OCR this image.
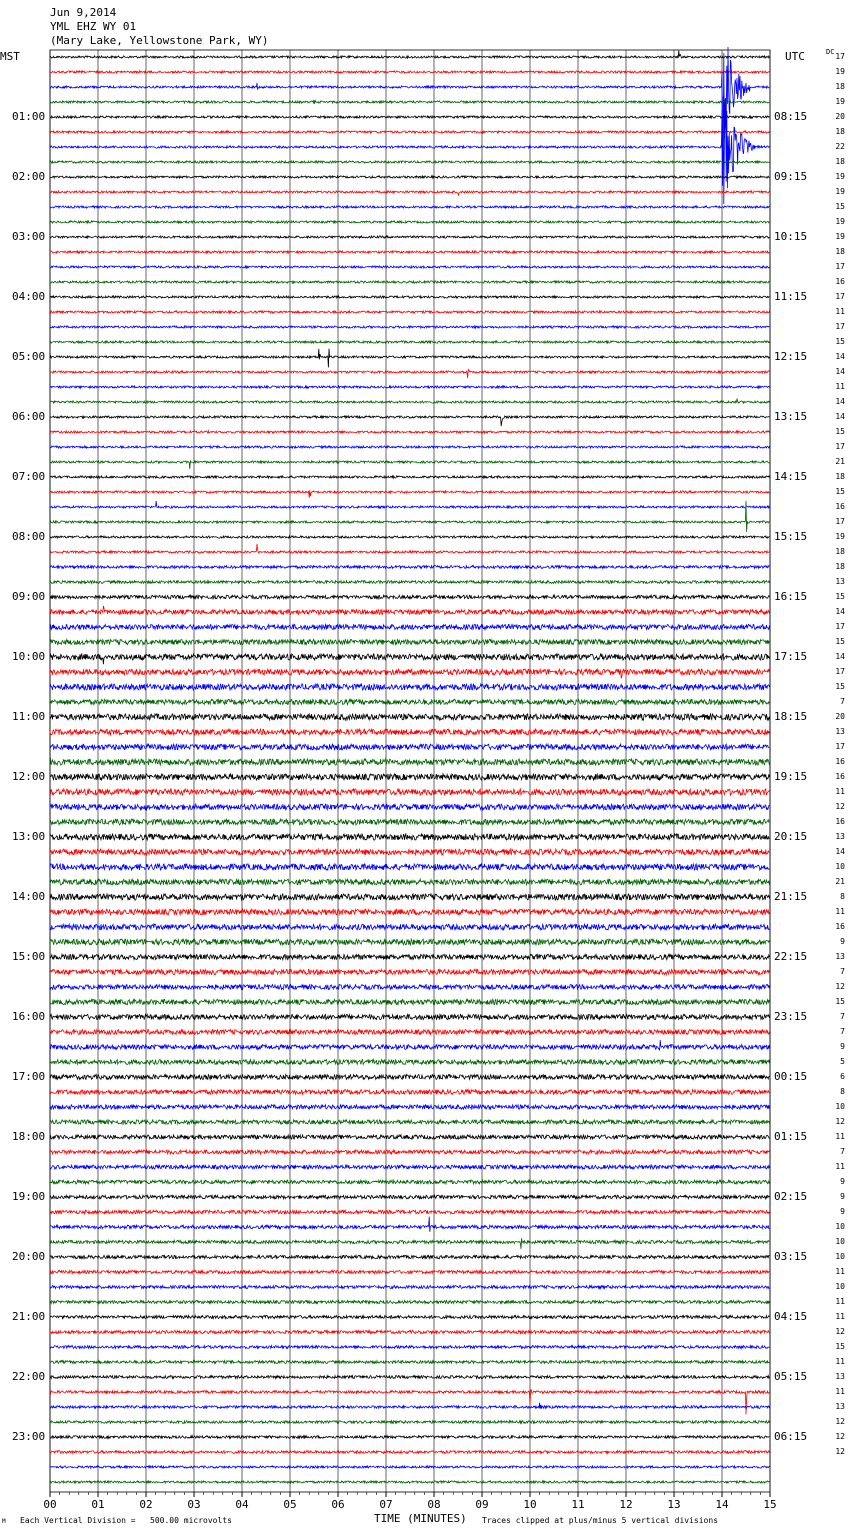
00	01	02	03	04	05	06	07	08	09	10	11	12	13	14	15
Jun 9,2014
YML EHZ WY 01
(Mary Lake, Yellowstone Park, WY)
MST	UTC	DC
01:00
02:00
03:00
04:00
05:00
06:00
07:00
08:00
09:00
10:00
11:00
12:00
13:00
14:00
15:00
16:00
17:00
18:00
19:00
20:00
21:00
22:00
23:00
08:15
09:15
10:15
11:15
12:15
13:15
14:15
15:15
16:15
17:15
18:15
19:15
20:15
21:15
22:15
23:15
00:15
01:15
02:15
03:15
04:15
05:15
06:15
17
19
18
19
20
18
22
18
19
19
15
19
19
18
17
16
17
11
17
15
14
14
11
14
14
15
17
21
18
15
16
17
19
18
18
13
15
14
17
15
14
17
15
7
20
13
17
16
16
11
12
16
13
14
10
21
8
11
16
9
13
7
12
15
7
7
9
5
6
8
10
12
11
7
11
9
9
9
10
10
10
11
10
11
11
12
15
11
13
11
13
12
12
12
TIME (MINUTES)
Each Vertical Division =   500.00 microvolts	Traces clipped at plus/minus 5 vertical divisions
M
